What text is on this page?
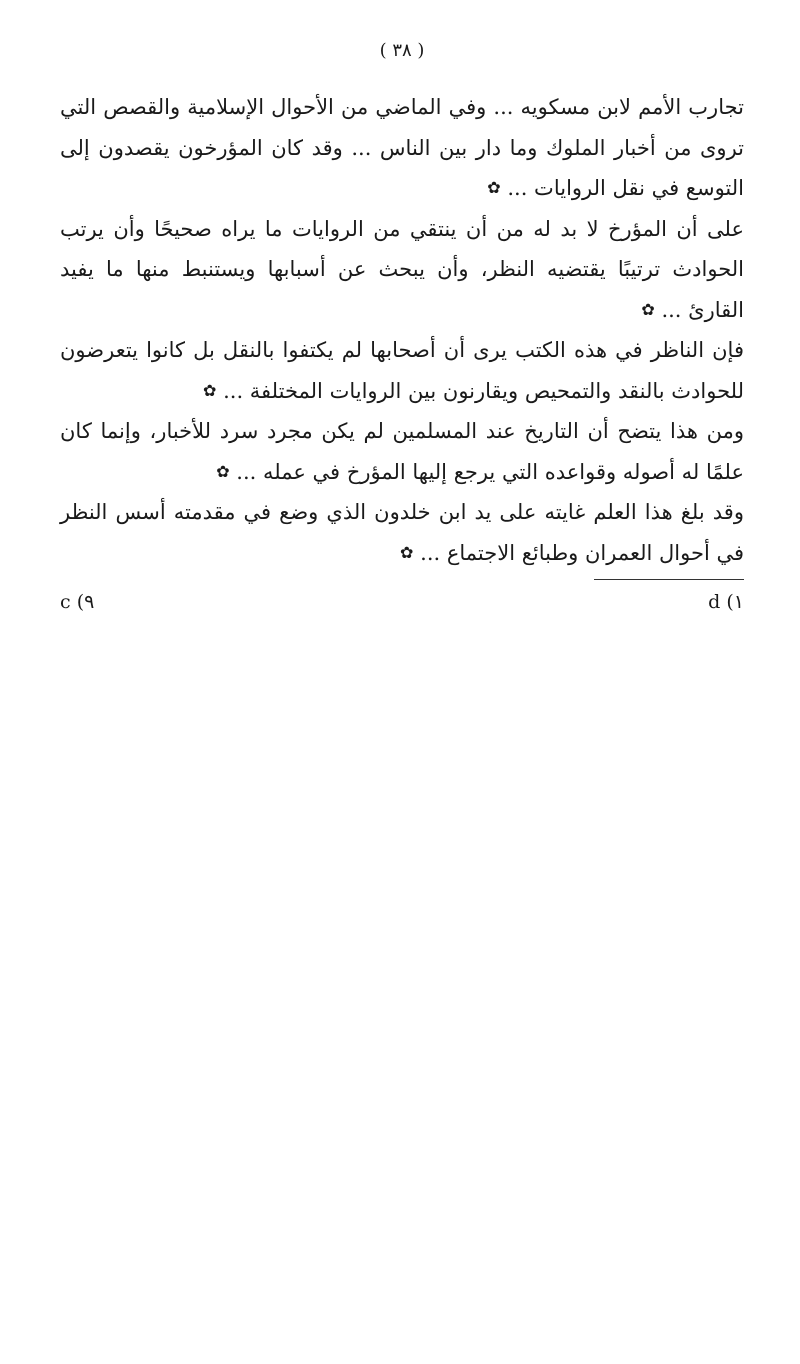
( ٣٨ )

تجارب الأمم لابن مسكويه ... وفي الماضي من الأحوال الإسلامية والقصص التي تروى من أخبار الملوك وما دار بين الناس ... وقد كان المؤرخون يقصدون إلى التوسع في نقل الروايات ... ✿

على أن المؤرخ لا بد له من أن ينتقي من الروايات ما يراه صحيحًا وأن يرتب الحوادث ترتيبًا يقتضيه النظر، وأن يبحث عن أسبابها ويستنبط منها ما يفيد القارئ ... ✿

فإن الناظر في هذه الكتب يرى أن أصحابها لم يكتفوا بالنقل بل كانوا يتعرضون للحوادث بالنقد والتمحيص ويقارنون بين الروايات المختلفة ... ✿

ومن هذا يتضح أن التاريخ عند المسلمين لم يكن مجرد سرد للأخبار، وإنما كان علمًا له أصوله وقواعده التي يرجع إليها المؤرخ في عمله ... ✿

وقد بلغ هذا العلم غايته على يد ابن خلدون الذي وضع في مقدمته أسس النظر في أحوال العمران وطبائع الاجتماع ... ✿

١) d
٩) c
